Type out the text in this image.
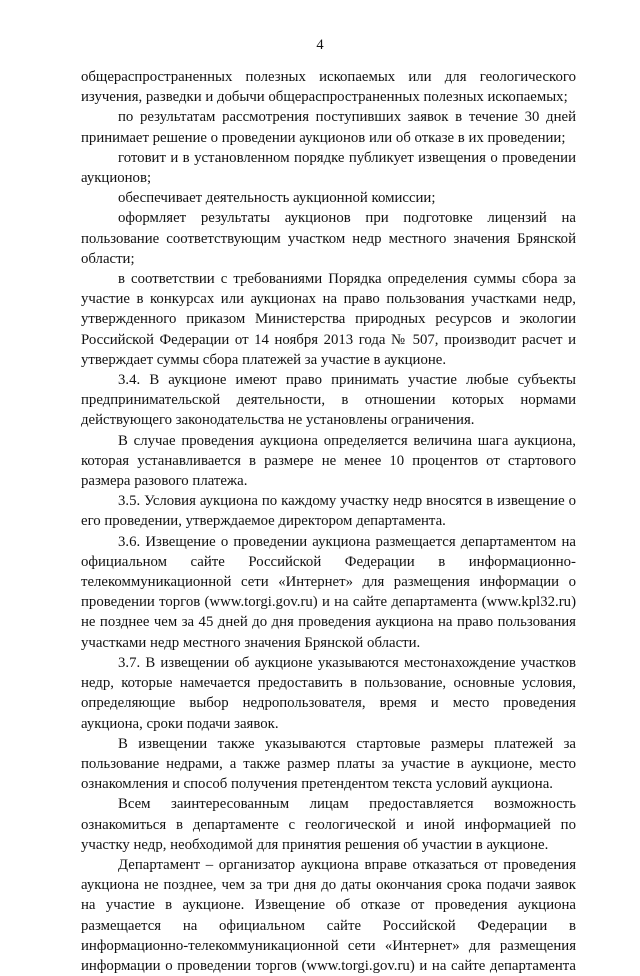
4

общераспространенных полезных ископаемых или для геологического изучения, разведки и добычи общераспространенных полезных ископаемых;

по результатам рассмотрения поступивших заявок в течение 30 дней принимает решение о проведении аукционов или об отказе в их проведении;

готовит и в установленном порядке публикует извещения о проведении аукционов;

обеспечивает деятельность аукционной комиссии;

оформляет результаты аукционов при подготовке лицензий на пользование соответствующим участком недр местного значения Брянской области;

в соответствии с требованиями Порядка определения суммы сбора за участие в конкурсах или аукционах на право пользования участками недр, утвержденного приказом Министерства природных ресурсов и экологии Российской Федерации от 14 ноября 2013 года № 507, производит расчет и утверждает суммы сбора платежей за участие в аукционе.

3.4. В аукционе имеют право принимать участие любые субъекты предпринимательской деятельности, в отношении которых нормами действующего законодательства не установлены ограничения.

В случае проведения аукциона определяется величина шага аукциона, которая устанавливается в размере не менее 10 процентов от стартового размера разового платежа.

3.5. Условия аукциона по каждому участку недр вносятся в извещение о его проведении, утверждаемое директором департамента.

3.6. Извещение о проведении аукциона размещается департаментом на официальном сайте Российской Федерации в информационно-телекоммуникационной сети «Интернет» для размещения информации о проведении торгов (www.torgi.gov.ru) и на сайте департамента (www.kpl32.ru) не позднее чем за 45 дней до дня проведения аукциона на право пользования участками недр местного значения Брянской области.

3.7. В извещении об аукционе указываются местонахождение участков недр, которые намечается предоставить в пользование, основные условия, определяющие выбор недропользователя, время и место проведения аукциона, сроки подачи заявок.

В извещении также указываются стартовые размеры платежей за пользование недрами, а также размер платы за участие в аукционе, место ознакомления и способ получения претендентом текста условий аукциона.

Всем заинтересованным лицам предоставляется возможность ознакомиться в департаменте с геологической и иной информацией по участку недр, необходимой для принятия решения об участии в аукционе.

Департамент – организатор аукциона вправе отказаться от проведения аукциона не позднее, чем за три дня до даты окончания срока подачи заявок на участие в аукционе. Извещение об отказе от проведения аукциона размещается на официальном сайте Российской Федерации в информационно-телекоммуникационной сети «Интернет» для размещения информации о проведении торгов (www.torgi.gov.ru) и на сайте департамента
